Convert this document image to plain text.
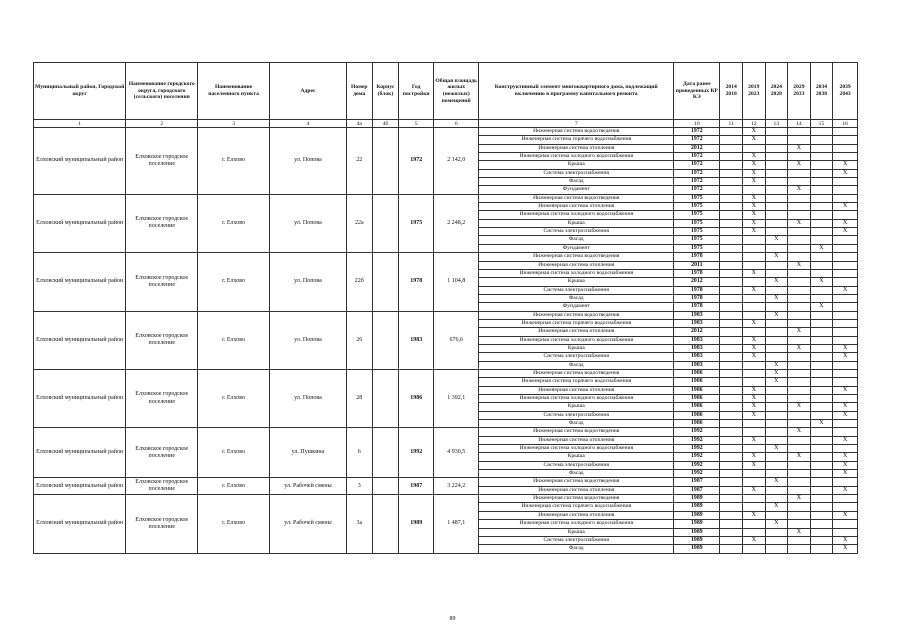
Муниципальный район, Городской округ	Наименование городского округа, городского (сельского) поселения	Наименование населенного пункта	Адрес	Номер дома	Корпус (блок)	Год постройки	Общая площадь жилых (нежилых) помещений	Конструктивный элемент многоквартирного дома, подлежащий включению в программу капитального ремонта	Дата ранее проведенных КР КЭ	2014 2018	2019 2023	2024 2028	2029 2033	2034 2038	2039 2043
1	2	3	4	4а	4б	5	6	7	10	11	12	13	14	15	16
Елховский муниципальный район	Елховское городское поселение	г. Елхово	ул. Попова	22		1972	2 142,0	Инженерная система водоотведения	1972		X				
								Инженерная система горячего водоснабжения	1972		X				
								Инженерная система отопления	2012				X		
								Инженерная система холодного водоснабжения	1972		X				
								Крыша	1972		X		X		X
								Система электроснабжения	1972		X				X
								Фасад	1972		X				
								Фундамент	1972				X		
Елховский муниципальный район	Елховское городское поселение	г. Елхово	ул. Попова	22а		1975	2 248,2	Инженерная система водоотведения	1975		X				
								Инженерная система отопления	1975		X				X
								Инженерная система холодного водоснабжения	1975		X				
								Крыша	1975		X		X		X
								Система электроснабжения	1975		X				X
								Фасад	1975			X			
								Фундамент	1975					X	
Елховский муниципальный район	Елховское городское поселение	г. Елхово	ул. Попова	22б		1978	1 104,8	Инженерная система водоотведения	1978			X			
								Инженерная система отопления	2011				X		
								Инженерная система холодного водоснабжения	1978		X				
								Крыша	2012			X		X	
								Система электроснабжения	1978		X				X
								Фасад	1978			X			
								Фундамент	1978					X	
Елховский муниципальный район	Елховское городское поселение	г. Елхово	ул. Попова	26		1983	676,6	Инженерная система водоотведения	1983			X			
								Инженерная система горячего водоснабжения	1983		X				
								Инженерная система отопления	2012				X		
								Инженерная система холодного водоснабжения	1983		X				
								Крыша	1983		X		X		X
								Система электроснабжения	1983		X				X
								Фасад	1983			X			
Елховский муниципальный район	Елховское городское поселение	г. Елхово	ул. Попова	28		1986	1 392,1	Инженерная система водоотведения	1986			X			
								Инженерная система горячего водоснабжения	1986			X			
								Инженерная система отопления	1986		X				X
								Инженерная система холодного водоснабжения	1986		X				
								Крыша	1986		X		X		X
								Система электроснабжения	1986		X				X
								Фасад	1986					X	
Елховский муниципальный район	Елховское городское поселение	г. Елхово	ул. Пушкина	6		1992	4 930,5	Инженерная система водоотведения	1992				X		
								Инженерная система отопления	1992		X				X
								Инженерная система холодного водоснабжения	1992			X			
								Крыша	1992		X		X		X
								Система электроснабжения	1992		X				X
								Фасад	1992						X
Елховский муниципальный район	Елховское городское поселение	г. Елхово	ул. Рабочей смены	3		1987	3 224,2	Инженерная система водоотведения	1987			X			
								Инженерная система отопления	1987		X				X
Елховский муниципальный район	Елховское городское поселение	г. Елхово	ул. Рабочей смены	3а		1989	1 487,1	Инженерная система водоотведения	1989				X		
								Инженерная система горячего водоснабжения	1989			X			
								Инженерная система отопления	1989		X				X
								Инженерная система холодного водоснабжения	1989			X			
								Крыша	1989				X		
								Система электроснабжения	1989		X				X
								Фасад	1989						X
89
